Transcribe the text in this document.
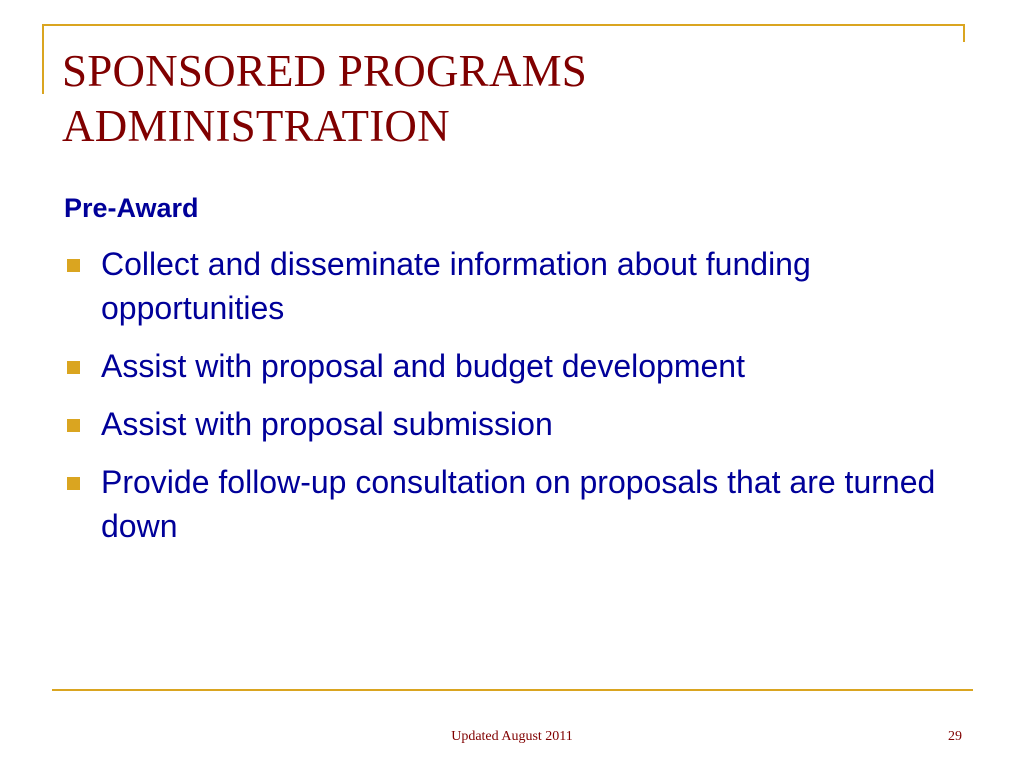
SPONSORED PROGRAMS
ADMINISTRATION
Pre-Award
Collect and disseminate information about funding opportunities
Assist with proposal and budget development
Assist with proposal submission
Provide follow-up consultation on proposals that are turned down
Updated August 2011	29
